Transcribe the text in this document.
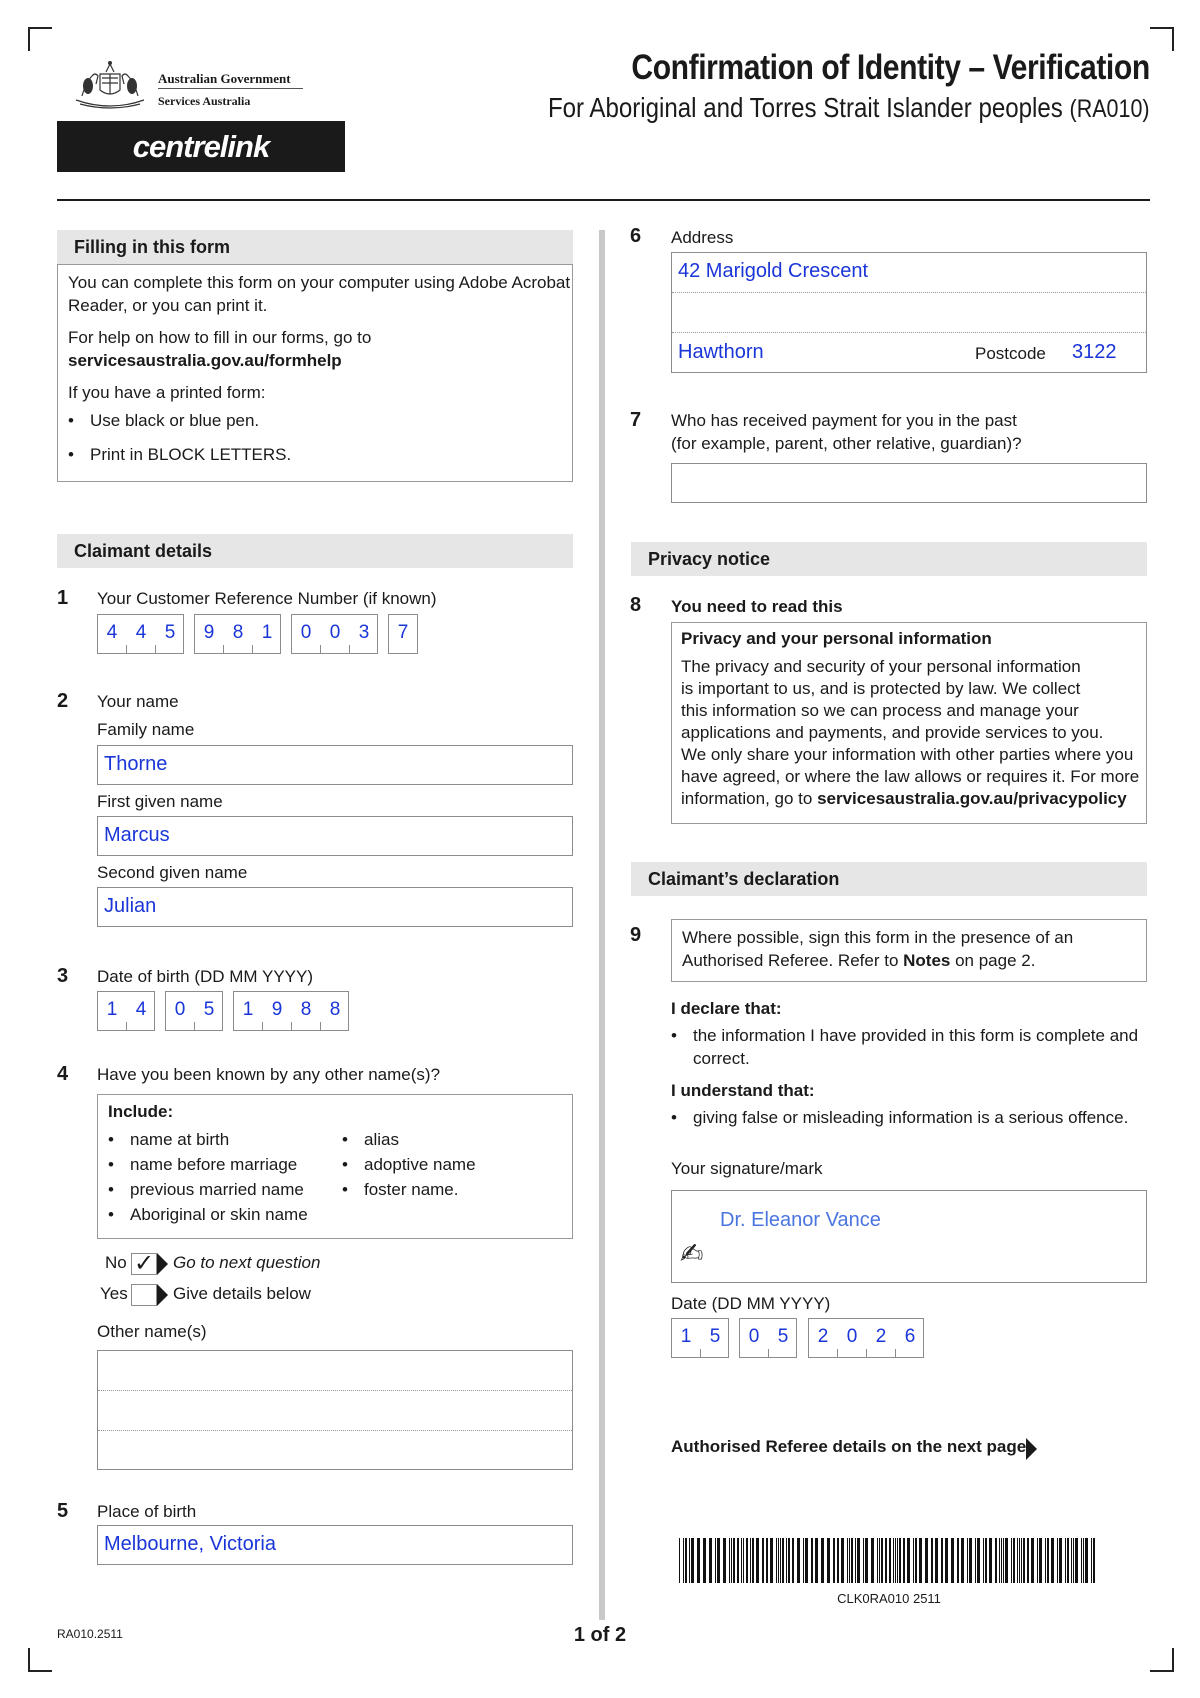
Australian Government
Services Australia
centrelink
Confirmation of Identity – Verification
For Aboriginal and Torres Strait Islander peoples (RA010)
Filling in this form
You can complete this form on your computer using Adobe Acrobat
Reader, or you can print it.
For help on how to fill in our forms, go to
servicesaustralia.gov.au/formhelp
If you have a printed form:
• Use black or blue pen.
• Print in BLOCK LETTERS.
Claimant details
1 Your Customer Reference Number (if known)
4 4 5	9 8 1	0 0 3	7
2 Your name
Family name
Thorne
First given name
Marcus
Second given name
Julian
3 Date of birth (DD MM YYYY)
1 4	0 5	1 9 8 8
4 Have you been known by any other name(s)?
Include:
• name at birth
• name before marriage
• previous married name
• Aboriginal or skin name
• alias
• adoptive name
• foster name.
No ✓ Go to next question
Yes	Give details below
Other name(s)
5 Place of birth
Melbourne, Victoria
6 Address
42 Marigold Crescent
Hawthorn	Postcode	3122
7 Who has received payment for you in the past
(for example, parent, other relative, guardian)?
Privacy notice
8 You need to read this
Privacy and your personal information
The privacy and security of your personal information
is important to us, and is protected by law. We collect
this information so we can process and manage your
applications and payments, and provide services to you.
We only share your information with other parties where you
have agreed, or where the law allows or requires it. For more
information, go to servicesaustralia.gov.au/privacypolicy
Claimant’s declaration
9 Where possible, sign this form in the presence of an
Authorised Referee. Refer to Notes on page 2.
I declare that:
• the information I have provided in this form is complete and
correct.
I understand that:
• giving false or misleading information is a serious offence.
Your signature/mark
Dr. Eleanor Vance
✍
Date (DD MM YYYY)
1 5	0 5	2 0 2 6
Authorised Referee details on the next page
CLK0RA010 2511
RA010.2511	1 of 2
